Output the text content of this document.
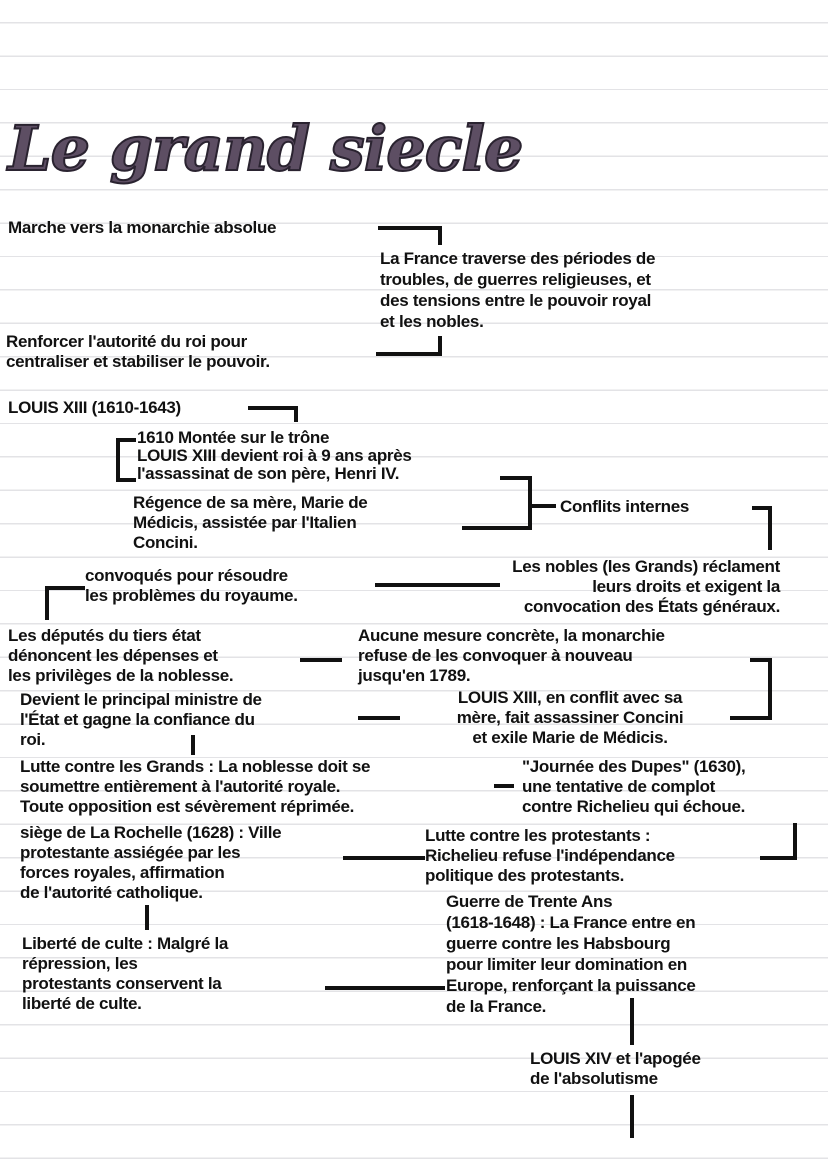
Le grand siecle
Marche vers la monarchie absolue
La France traverse des périodes de
troubles, de guerres religieuses, et
des tensions entre le pouvoir royal
et les nobles.
Renforcer l'autorité du roi pour
centraliser et stabiliser le pouvoir.
LOUIS XIII (1610-1643)
1610 Montée sur le trône
LOUIS XIII devient roi à 9 ans après
l'assassinat de son père, Henri IV.
Régence de sa mère, Marie de
Médicis, assistée par l'Italien
Concini.
Conflits internes
Les nobles (les Grands) réclament
leurs droits et exigent la
convocation des États généraux.
convoqués pour résoudre
les problèmes du royaume.
Les députés du tiers état
dénoncent les dépenses et
les privilèges de la noblesse.
Aucune mesure concrète, la monarchie
refuse de les convoquer à nouveau
jusqu'en 1789.
Devient le principal ministre de
l'État et gagne la confiance du
roi.
LOUIS XIII, en conflit avec sa
mère, fait assassiner Concini
et exile Marie de Médicis.
Lutte contre les Grands : La noblesse doit se
soumettre entièrement à l'autorité royale.
Toute opposition est sévèrement réprimée.
"Journée des Dupes" (1630),
une tentative de complot
contre Richelieu qui échoue.
siège de La Rochelle (1628) : Ville
protestante assiégée par les
forces royales, affirmation
de l'autorité catholique.
Lutte contre les protestants :
Richelieu refuse l'indépendance
politique des protestants.
Guerre de Trente Ans
(1618-1648) : La France entre en
guerre contre les Habsbourg
pour limiter leur domination en
Europe, renforçant la puissance
de la France.
Liberté de culte : Malgré la
répression, les
protestants conservent la
liberté de culte.
LOUIS XIV et l'apogée
de l'absolutisme
